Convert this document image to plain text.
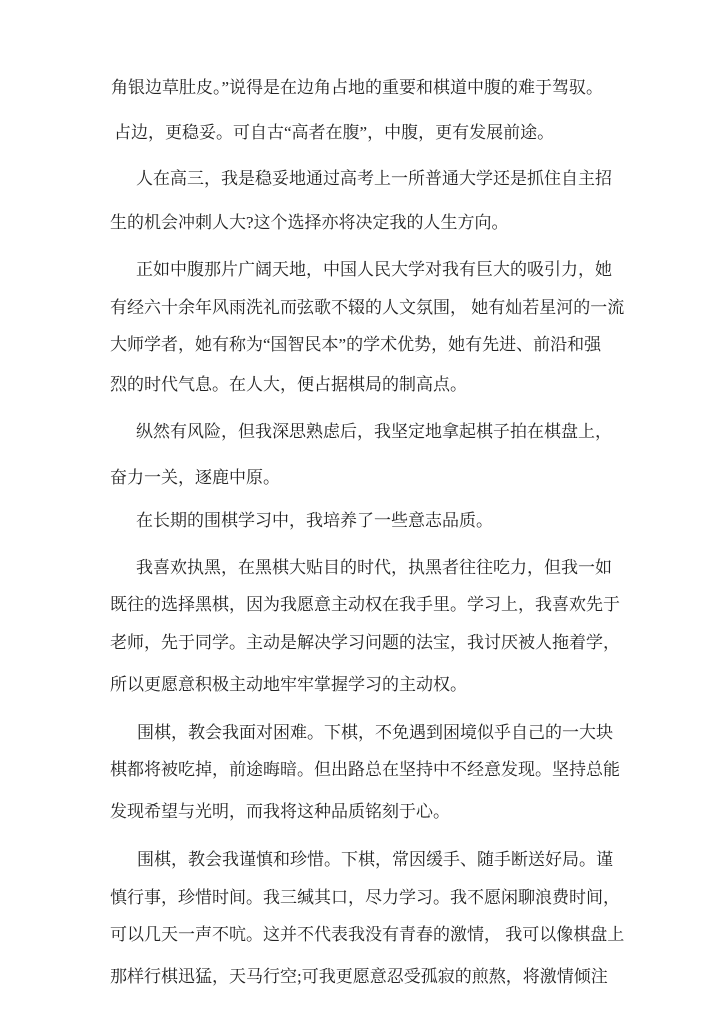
角银边草肚皮。”说得是在边角占地的重要和棋道中腹的难于驾驭。
占边，更稳妥。可自古“高者在腹”，中腹，更有发展前途。
人在高三，我是稳妥地通过高考上一所普通大学还是抓住自主招
生的机会冲刺人大?这个选择亦将决定我的人生方向。
正如中腹那片广阔天地，中国人民大学对我有巨大的吸引力，她
有经六十余年风雨洗礼而弦歌不辍的人文氛围， 她有灿若星河的一流
大师学者，她有称为“国智民本”的学术优势，她有先进、前沿和强
烈的时代气息。在人大，便占据棋局的制高点。
纵然有风险，但我深思熟虑后，我坚定地拿起棋子拍在棋盘上，
奋力一关，逐鹿中原。
在长期的围棋学习中，我培养了一些意志品质。
我喜欢执黑，在黑棋大贴目的时代，执黑者往往吃力，但我一如
既往的选择黑棋，因为我愿意主动权在我手里。学习上，我喜欢先于
老师，先于同学。主动是解决学习问题的法宝，我讨厌被人拖着学，
所以更愿意积极主动地牢牢掌握学习的主动权。
围棋，教会我面对困难。下棋，不免遇到困境似乎自己的一大块
棋都将被吃掉，前途晦暗。但出路总在坚持中不经意发现。坚持总能
发现希望与光明，而我将这种品质铭刻于心。
围棋，教会我谨慎和珍惜。下棋，常因缓手、随手断送好局。谨
慎行事，珍惜时间。我三缄其口，尽力学习。我不愿闲聊浪费时间，
可以几天一声不吭。这并不代表我没有青春的激情， 我可以像棋盘上
那样行棋迅猛，天马行空;可我更愿意忍受孤寂的煎熬，将激情倾注
